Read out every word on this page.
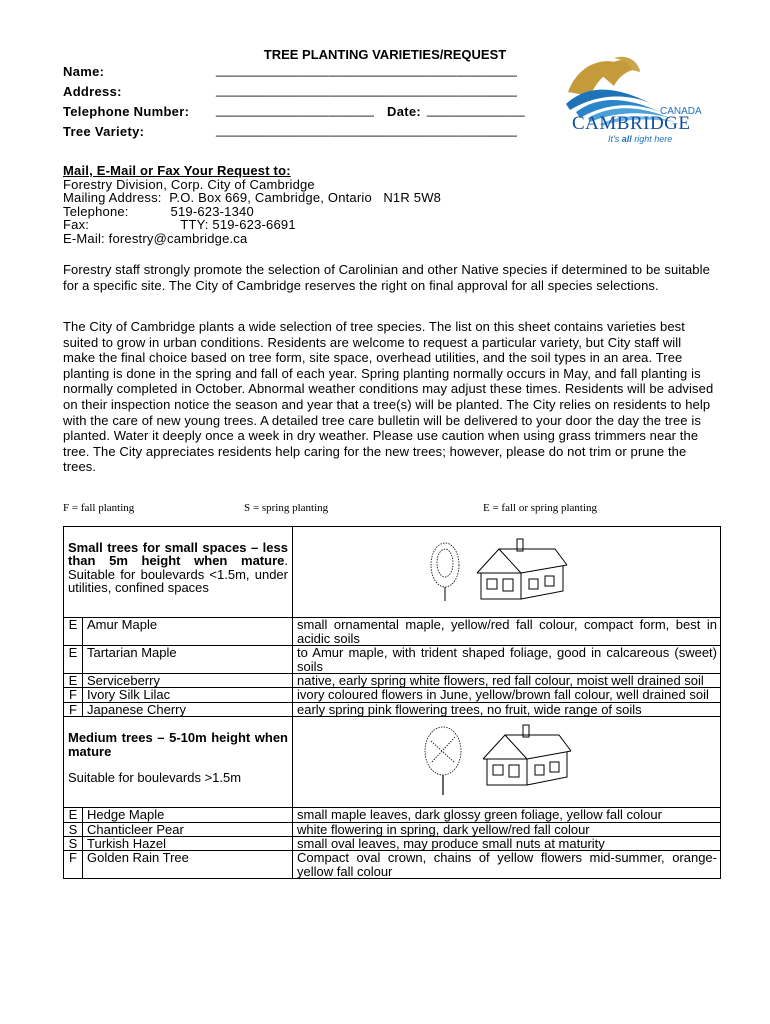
TREE PLANTING VARIETIES/REQUEST
Name:	________________________________________
Address:	________________________________________
Telephone Number: _____________________ Date: _____________
Tree Variety:	________________________________________
CANADA
CAMBRIDGE
It's all right here
Mail, E-Mail or Fax Your Request to:
Forestry Division, Corp. City of Cambridge
Mailing Address:  P.O. Box 669, Cambridge, Ontario   N1R 5W8
Telephone:           519-623-1340
Fax:                        TTY: 519-623-6691
E-Mail: forestry@cambridge.ca
Forestry staff strongly promote the selection of Carolinian and other Native species if determined to be suitable for a specific site. The City of Cambridge reserves the right on final approval for all species selections.
The City of Cambridge plants a wide selection of tree species. The list on this sheet contains varieties best suited to grow in urban conditions. Residents are welcome to request a particular variety, but City staff will make the final choice based on tree form, site space, overhead utilities, and the soil types in an area. Tree planting is done in the spring and fall of each year. Spring planting normally occurs in May, and fall planting is normally completed in October. Abnormal weather conditions may adjust these times. Residents will be advised on their inspection notice the season and year that a tree(s) will be planted. The City relies on residents to help with the care of new young trees. A detailed tree care bulletin will be delivered to your door the day the tree is planted. Water it deeply once a week in dry weather. Please use caution when using grass trimmers near the tree. The City appreciates residents help caring for the new trees; however, please do not trim or prune the trees.
F = fall planting	S = spring planting	E = fall or spring planting
Small trees for small spaces – less than 5m height when mature. Suitable for boulevards <1.5m, under utilities, confined spaces	
E	Amur Maple	small ornamental maple, yellow/red fall colour, compact form, best in acidic soils
E	Tartarian Maple	to Amur maple, with trident shaped foliage, good in calcareous (sweet) soils
E	Serviceberry	native, early spring white flowers, red fall colour, moist well drained soil
F	Ivory Silk Lilac	ivory coloured flowers in June, yellow/brown fall colour, well drained soil
F	Japanese Cherry	early spring pink flowering trees, no fruit, wide range of soils

Medium trees – 5-10m height when mature
Suitable for boulevards >1.5m

E	Hedge Maple	small maple leaves, dark glossy green foliage, yellow fall colour
S	Chanticleer Pear	white flowering in spring, dark yellow/red fall colour
S	Turkish Hazel	small oval leaves, may produce small nuts at maturity
F	Golden Rain Tree	Compact oval crown, chains of yellow flowers mid-summer, orange-yellow fall colour
